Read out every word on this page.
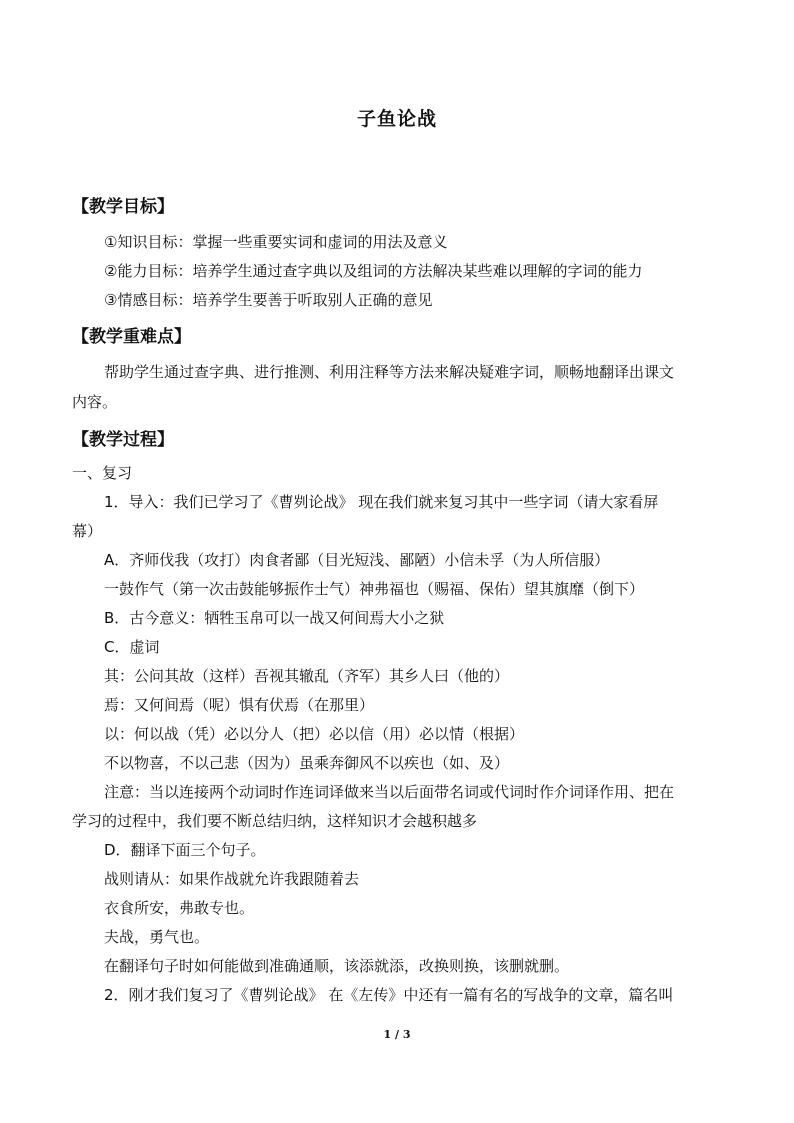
子鱼论战
【教学目标】
①知识目标：掌握一些重要实词和虚词的用法及意义
②能力目标：培养学生通过查字典以及组词的方法解决某些难以理解的字词的能力
③情感目标：培养学生要善于听取别人正确的意见
【教学重难点】
帮助学生通过查字典、进行推测、利用注释等方法来解决疑难字词，顺畅地翻译出课文
内容。
【教学过程】
一、复习
1．导入：我们已学习了《曹刿论战》 现在我们就来复习其中一些字词（请大家看屏
幕）
A．齐师伐我（攻打）肉食者鄙（目光短浅、鄙陋）小信未孚（为人所信服）
一鼓作气（第一次击鼓能够振作士气）神弗福也（赐福、保佑）望其旗靡（倒下）
B．古今意义：牺牲玉帛可以一战又何间焉大小之狱
C．虚词
其：公问其故（这样）吾视其辙乱（齐军）其乡人曰（他的）
焉：又何间焉（呢）惧有伏焉（在那里）
以：何以战（凭）必以分人（把）必以信（用）必以情（根据）
不以物喜，不以己悲（因为）虽乘奔御风不以疾也（如、及）
注意：当以连接两个动词时作连词译做来当以后面带名词或代词时作介词译作用、把在
学习的过程中，我们要不断总结归纳，这样知识才会越积越多
D．翻译下面三个句子。
战则请从：如果作战就允许我跟随着去
衣食所安，弗敢专也。
夫战，勇气也。
在翻译句子时如何能做到准确通顺，该添就添，改换则换，该删就删。
2．刚才我们复习了《曹刿论战》 在《左传》中还有一篇有名的写战争的文章，篇名叫
1 / 3
